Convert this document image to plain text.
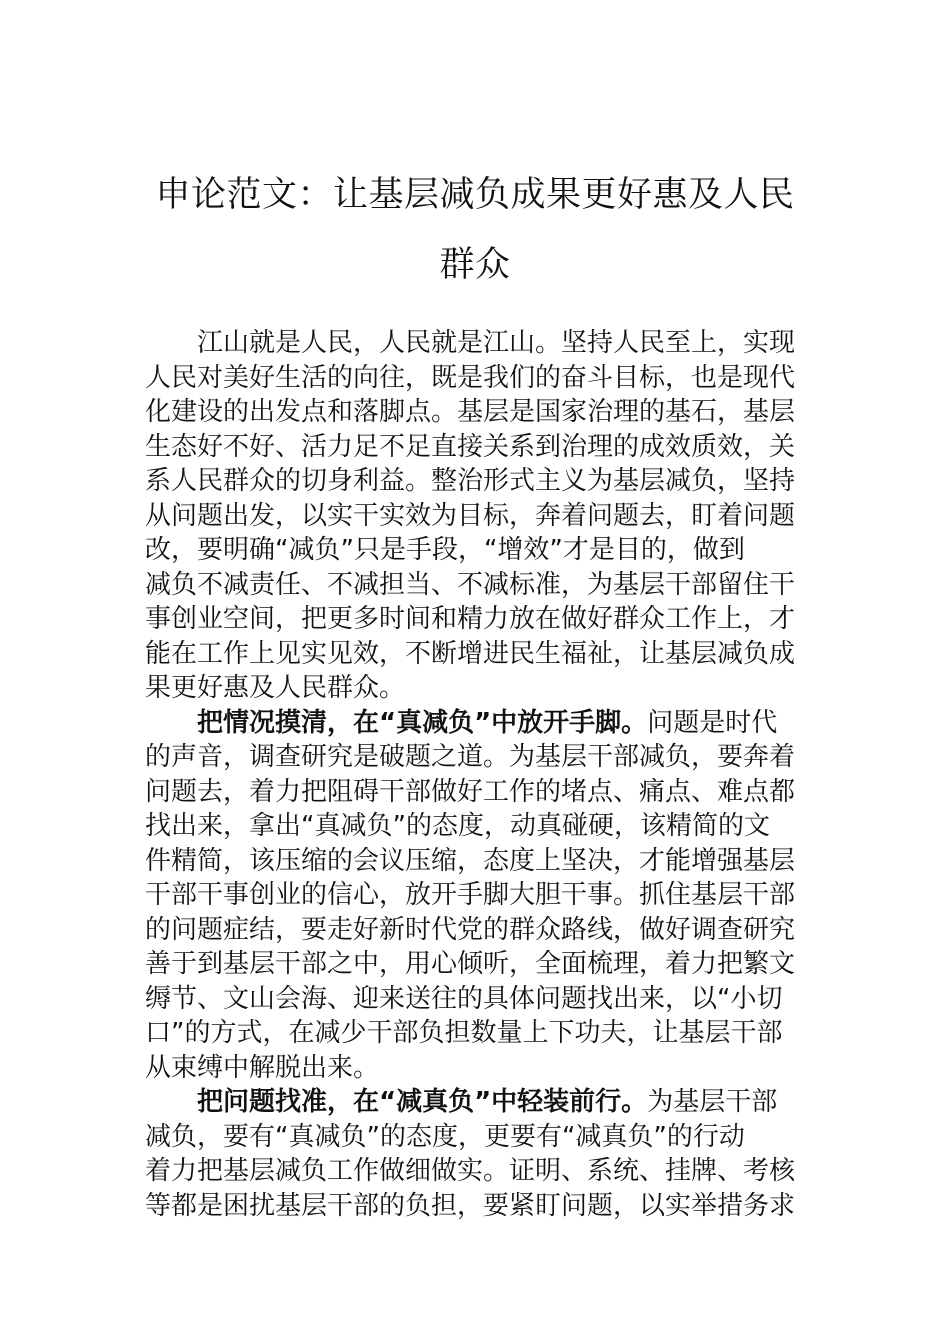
申论范文：让基层减负成果更好惠及人民
群众

江山就是人民，人民就是江山。坚持人民至上，实现
人民对美好生活的向往，既是我们的奋斗目标，也是现代
化建设的出发点和落脚点。基层是国家治理的基石，基层
生态好不好、活力足不足直接关系到治理的成效质效，关
系人民群众的切身利益。整治形式主义为基层减负，坚持
从问题出发，以实干实效为目标，奔着问题去，盯着问题
改，要明确“减负”只是手段，“增效”才是目的，做到
减负不减责任、不减担当、不减标准，为基层干部留住干
事创业空间，把更多时间和精力放在做好群众工作上，才
能在工作上见实见效，不断增进民生福祉，让基层减负成
果更好惠及人民群众。

把情况摸清，在“真减负”中放开手脚。问题是时代
的声音，调查研究是破题之道。为基层干部减负，要奔着
问题去，着力把阻碍干部做好工作的堵点、痛点、难点都
找出来，拿出“真减负”的态度，动真碰硬，该精简的文
件精简，该压缩的会议压缩，态度上坚决，才能增强基层
干部干事创业的信心，放开手脚大胆干事。抓住基层干部
的问题症结，要走好新时代党的群众路线，做好调查研究
善于到基层干部之中，用心倾听，全面梳理，着力把繁文
缛节、文山会海、迎来送往的具体问题找出来，以“小切
口”的方式，在减少干部负担数量上下功夫，让基层干部
从束缚中解脱出来。

把问题找准，在“减真负”中轻装前行。为基层干部
减负，要有“真减负”的态度，更要有“减真负”的行动
着力把基层减负工作做细做实。证明、系统、挂牌、考核
等都是困扰基层干部的负担，要紧盯问题，以实举措务求
